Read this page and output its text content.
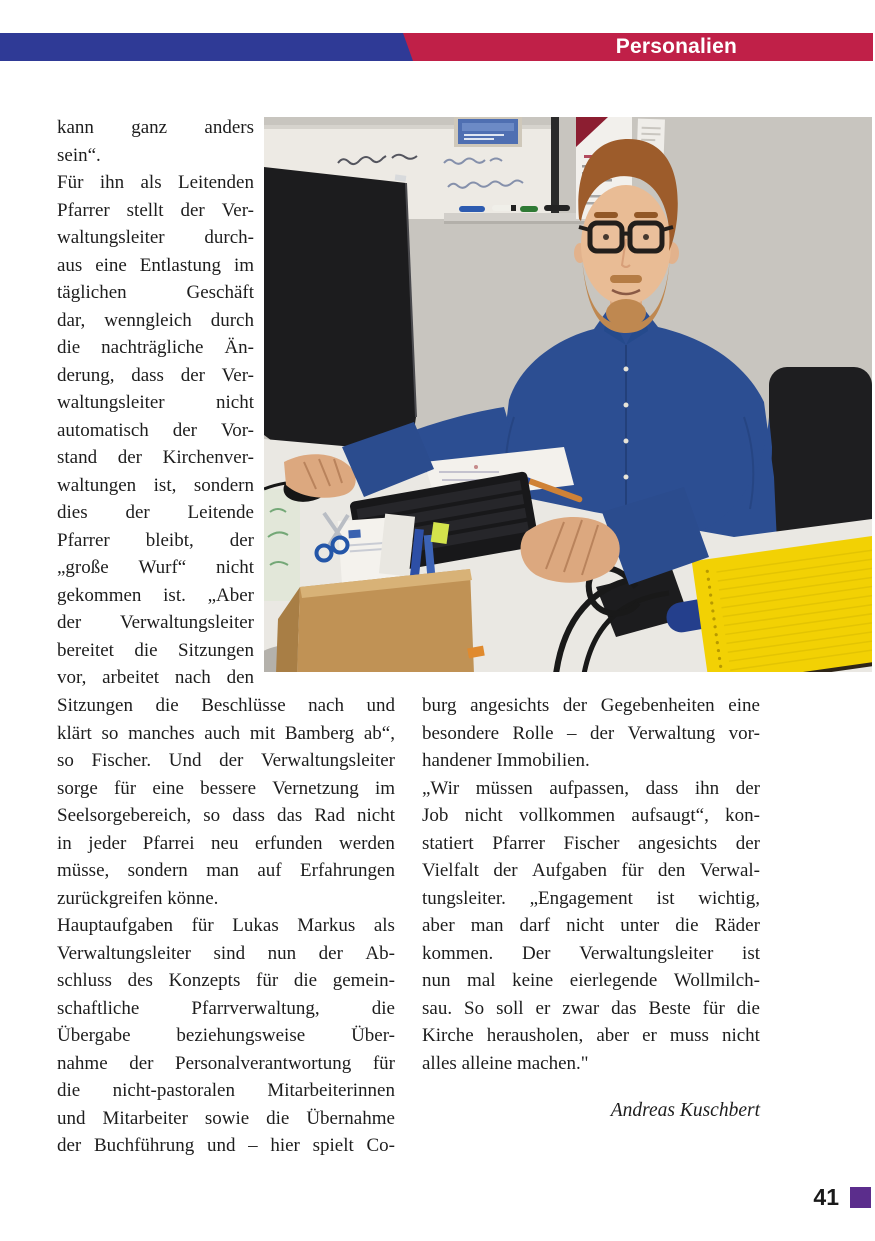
Personalien
kann ganz anders
sein“.
Für ihn als Leitenden
Pfarrer stellt der Ver-
waltungsleiter durch-
aus eine Entlastung im
täglichen	Geschäft
dar, wenngleich durch
die nachträgliche Än-
derung, dass der Ver-
waltungsleiter	nicht
automatisch der Vor-
stand der Kirchenver-
waltungen ist, sondern
dies der Leitende
Pfarrer bleibt, der
„große Wurf“ nicht
gekommen ist. „Aber
der Verwaltungsleiter
bereitet die Sitzungen
vor, arbeitet nach den
Sitzungen die Beschlüsse nach und
klärt so manches auch mit Bamberg ab“,
so Fischer. Und der Verwaltungsleiter
sorge für eine bessere Vernetzung im
Seelsorgebereich, so dass das Rad nicht
in jeder Pfarrei neu erfunden werden
müsse, sondern man auf Erfahrungen
zurückgreifen könne.
Hauptaufgaben für Lukas Markus als
Verwaltungsleiter sind nun der Ab-
schluss des Konzepts für die gemein-
schaftliche	Pfarrverwaltung,	die
Übergabe beziehungsweise Über-
nahme der Personalverantwortung für
die nicht-pastoralen Mitarbeiterinnen
und Mitarbeiter sowie die Übernahme
der Buchführung und – hier spielt Co-
burg angesichts der Gegebenheiten eine
besondere Rolle – der Verwaltung vor-
handener Immobilien.
„Wir müssen aufpassen, dass ihn der
Job nicht vollkommen aufsaugt“, kon-
statiert Pfarrer Fischer angesichts der
Vielfalt der Aufgaben für den Verwal-
tungsleiter. „Engagement ist wichtig,
aber man darf nicht unter die Räder
kommen. Der Verwaltungsleiter ist
nun mal keine eierlegende Wollmilch-
sau. So soll er zwar das Beste für die
Kirche herausholen, aber er muss nicht
alles alleine machen."
Andreas Kuschbert
41
